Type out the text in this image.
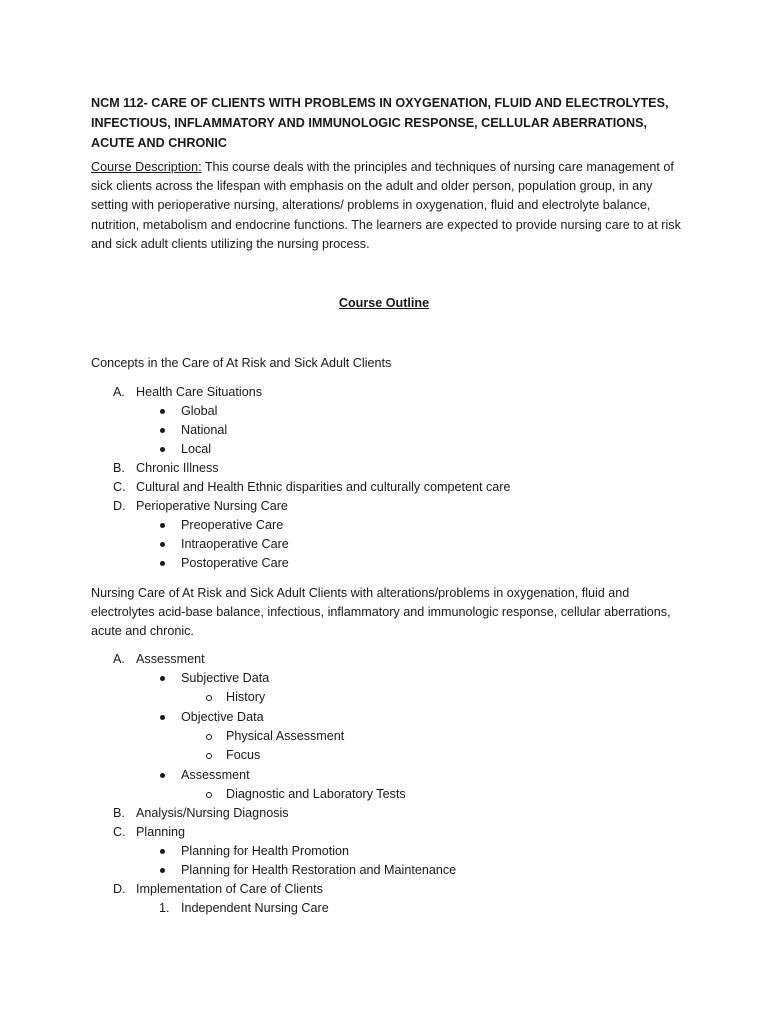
NCM 112- CARE OF CLIENTS WITH PROBLEMS IN OXYGENATION, FLUID AND ELECTROLYTES, INFECTIOUS, INFLAMMATORY AND IMMUNOLOGIC RESPONSE, CELLULAR ABERRATIONS, ACUTE AND CHRONIC

Course Description: This course deals with the principles and techniques of nursing care management of sick clients across the lifespan with emphasis on the adult and older person, population group, in any setting with perioperative nursing, alterations/ problems in oxygenation, fluid and electrolyte balance, nutrition, metabolism and endocrine functions. The learners are expected to provide nursing care to at risk and sick adult clients utilizing the nursing process.

Course Outline

Concepts in the Care of At Risk and Sick Adult Clients

A. Health Care Situations
Global
National
Local
B. Chronic Illness
C. Cultural and Health Ethnic disparities and culturally competent care
D. Perioperative Nursing Care
Preoperative Care
Intraoperative Care
Postoperative Care

Nursing Care of At Risk and Sick Adult Clients with alterations/problems in oxygenation, fluid and electrolytes acid-base balance, infectious, inflammatory and immunologic response, cellular aberrations, acute and chronic.

A. Assessment
Subjective Data
History
Objective Data
Physical Assessment
Focus
Assessment
Diagnostic and Laboratory Tests
B. Analysis/Nursing Diagnosis
C. Planning
Planning for Health Promotion
Planning for Health Restoration and Maintenance
D. Implementation of Care of Clients
1. Independent Nursing Care
